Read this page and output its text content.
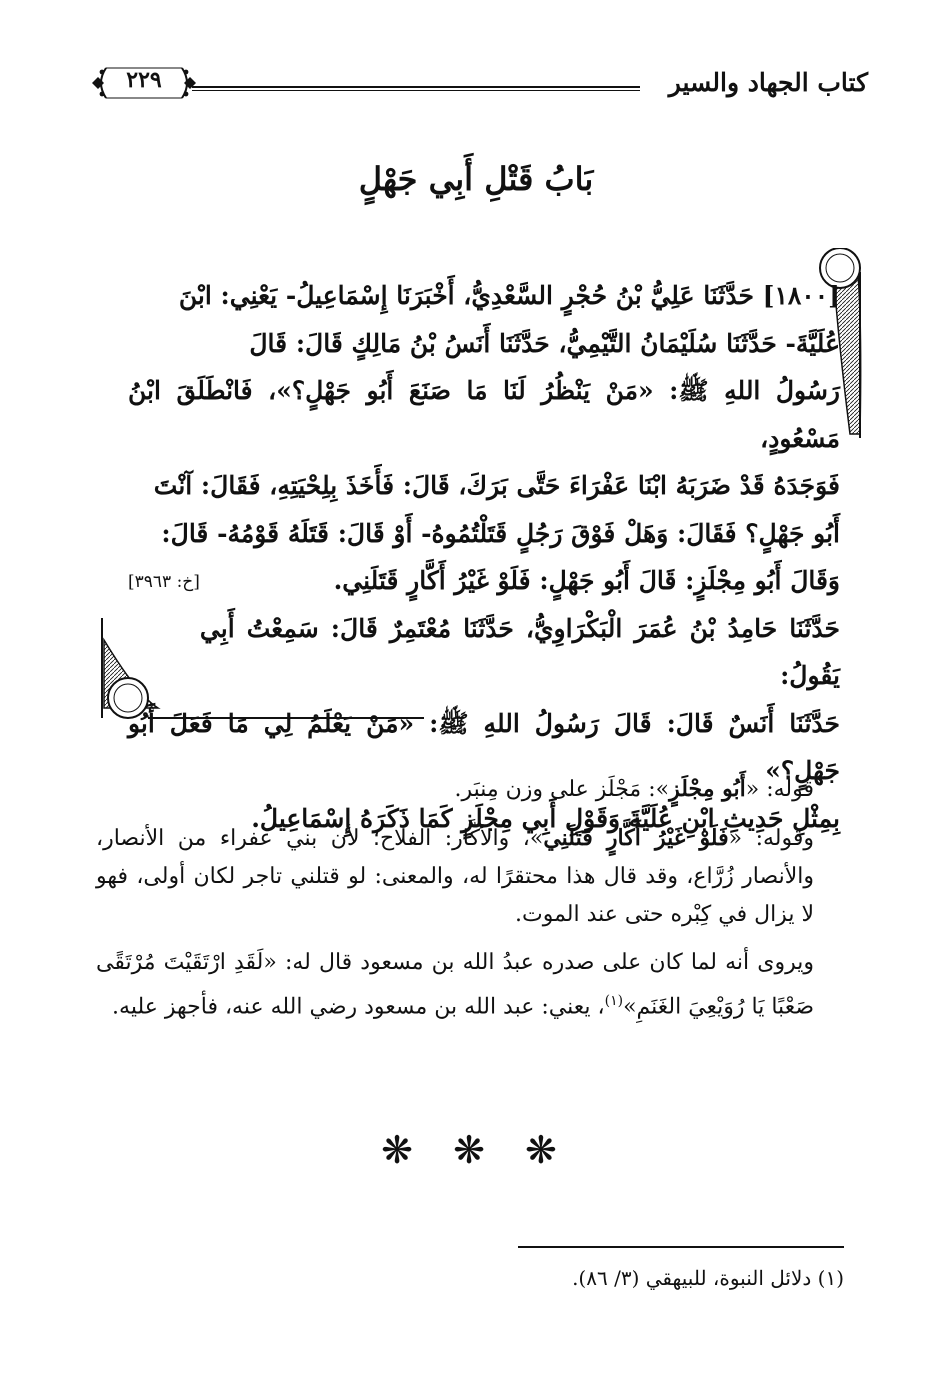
كتاب الجهاد والسير
٢٢٩
بَابُ قَتْلِ أَبِي جَهْلٍ

[١٨٠٠] حَدَّثَنَا عَلِيُّ بْنُ حُجْرٍ السَّعْدِيُّ، أَخْبَرَنَا إِسْمَاعِيلُ- يَعْنِي: ابْنَ

عُلَيَّةَ- حَدَّثَنَا سُلَيْمَانُ التَّيْمِيُّ، حَدَّثَنَا أَنَسُ بْنُ مَالِكٍ قَالَ: قَالَ

رَسُولُ اللهِ ﷺ: «مَنْ يَنْظُرُ لَنَا مَا صَنَعَ أَبُو جَهْلٍ؟»، فَانْطَلَقَ ابْنُ مَسْعُودٍ،

فَوَجَدَهُ قَدْ ضَرَبَهُ ابْنَا عَفْرَاءَ حَتَّى بَرَكَ، قَالَ: فَأَخَذَ بِلِحْيَتِهِ، فَقَالَ: آنْتَ

أَبُو جَهْلٍ؟ فَقَالَ: وَهَلْ فَوْقَ رَجُلٍ قَتَلْتُمُوهُ- أَوْ قَالَ: قَتَلَهُ قَوْمُهُ- قَالَ:

وَقَالَ أَبُو مِجْلَزٍ: قَالَ أَبُو جَهْلٍ: فَلَوْ غَيْرُ أَكَّارٍ قَتَلَنِي.
[خ: ٣٩٦٣]

حَدَّثَنَا حَامِدُ بْنُ عُمَرَ الْبَكْرَاوِيُّ، حَدَّثَنَا مُعْتَمِرٌ قَالَ: سَمِعْتُ أَبِي يَقُولُ:

حَدَّثَنَا أَنَسٌ قَالَ: قَالَ رَسُولُ اللهِ ﷺ: «مَنْ يَعْلَمُ لِي مَا فَعَلَ أَبُو جَهْلٍ؟»

بِمِثْلِ حَدِيثِ ابْنِ عُلَيَّةَ وَقَوْلِ أَبِي مِجْلَزٍ كَمَا ذَكَرَهُ إِسْمَاعِيلُ.

قوله: «أَبُو مِجْلَزٍ»: مَجْلَز على وزن مِنبَر.

وقوله: «فَلَوْ غَيْرُ أَكَّارٍ قَتَلَنِي»، والأكَّار: الفلاح؛ لأن بني عفراء من الأنصار، والأنصار زُرَّاع، وقد قال هذا محتقرًا له، والمعنى: لو قتلني تاجر لكان أولى، فهو لا يزال في كِبْره حتى عند الموت.

ويروى أنه لما كان على صدره عبدُ الله بن مسعود قال له: «لَقَدِ ارْتَقَيْتَ مُرْتَقًى صَعْبًا يَا رُوَيْعِيَ الغَنَمِ»$^{(١)}$، يعني: عبد الله بن مسعود رضي الله عنه، فأجهز عليه.

❋ ❋ ❋
(١) دلائل النبوة، للبيهقي (٣/ ٨٦).
